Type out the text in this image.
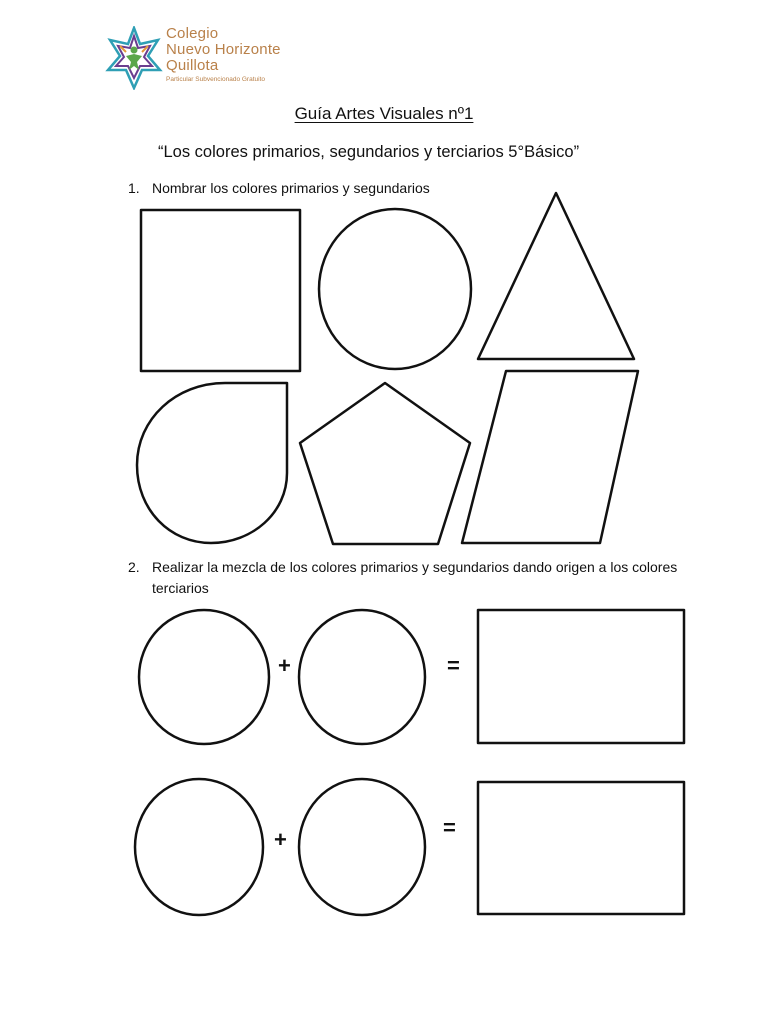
Colegio
Nuevo Horizonte
Quillota
Particular Subvencionado Gratuito
Guía Artes Visuales nº1
“Los colores primarios, segundarios y terciarios 5°Básico”
1. Nombrar los colores primarios y segundarios
2. Realizar la mezcla de los colores primarios y segundarios dando origen a los colores terciarios
+	=
+	=
